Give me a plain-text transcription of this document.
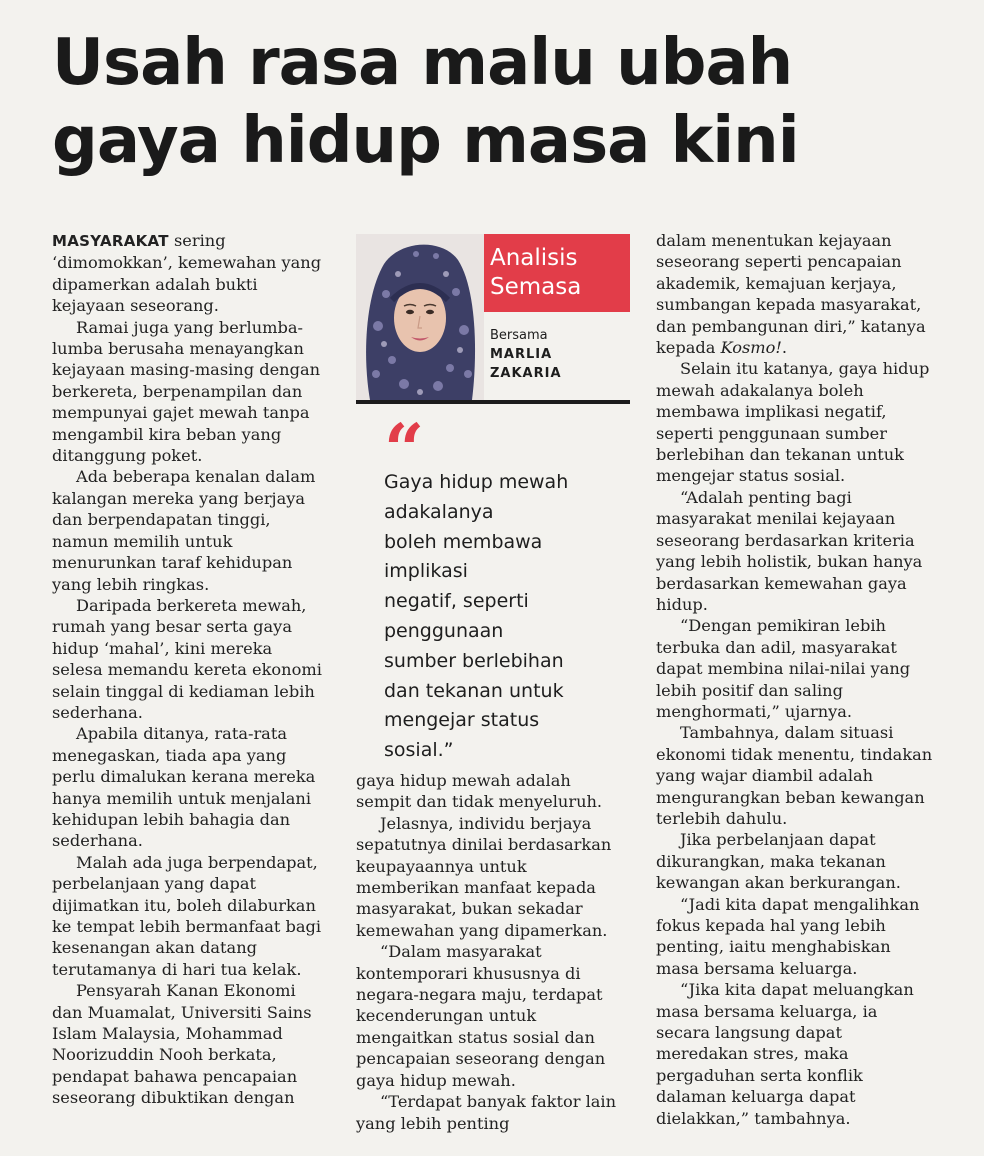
Usah rasa malu ubah
gaya hidup masa kini

MASYARAKAT sering ‘dimomokkan’, kemewahan yang dipamerkan adalah bukti kejayaan seseorang.

Ramai juga yang berlumba-lumba berusaha menayangkan kejayaan masing-masing dengan berkereta, berpenampilan dan mempunyai gajet mewah tanpa mengambil kira beban yang ditanggung poket.

Ada beberapa kenalan dalam kalangan mereka yang berjaya dan berpendapatan tinggi, namun memilih untuk menurunkan taraf kehidupan yang lebih ringkas.

Daripada berkereta mewah, rumah yang besar serta gaya hidup ‘mahal’, kini mereka selesa memandu kereta ekonomi selain tinggal di kediaman lebih sederhana.

Apabila ditanya, rata-rata menegaskan, tiada apa yang perlu dimalukan kerana mereka hanya memilih untuk menjalani kehidupan lebih bahagia dan sederhana.

Malah ada juga berpendapat, perbelanjaan yang dapat dijimatkan itu, boleh dilaburkan ke tempat lebih bermanfaat bagi kesenangan akan datang terutamanya di hari tua kelak.

Pensyarah Kanan Ekonomi dan Muamalat, Universiti Sains Islam Malaysia, Mohammad Noorizuddin Nooh berkata, pendapat bahawa pencapaian seseorang dibuktikan dengan

Analisis
Semasa
Bersama
MARLIA
ZAKARIA
“
Gaya hidup mewah
adakalanya
boleh membawa
implikasi
negatif, seperti
penggunaan
sumber berlebihan
dan tekanan untuk
mengejar status
sosial.”

gaya hidup mewah adalah sempit dan tidak menyeluruh.

Jelasnya, individu berjaya sepatutnya dinilai berdasarkan keupayaannya untuk memberikan manfaat kepada masyarakat, bukan sekadar kemewahan yang dipamerkan.

“Dalam masyarakat kontemporari khususnya di negara-negara maju, terdapat kecenderungan untuk mengaitkan status sosial dan pencapaian seseorang dengan gaya hidup mewah.

“Terdapat banyak faktor lain yang lebih penting

dalam menentukan kejayaan seseorang seperti pencapaian akademik, kemajuan kerjaya, sumbangan kepada masyarakat, dan pembangunan diri,” katanya kepada Kosmo!.

Selain itu katanya, gaya hidup mewah adakalanya boleh membawa implikasi negatif, seperti penggunaan sumber berlebihan dan tekanan untuk mengejar status sosial.

“Adalah penting bagi masyarakat menilai kejayaan seseorang berdasarkan kriteria yang lebih holistik, bukan hanya berdasarkan kemewahan gaya hidup.

“Dengan pemikiran lebih terbuka dan adil, masyarakat dapat membina nilai-nilai yang lebih positif dan saling menghormati,” ujarnya.

Tambahnya, dalam situasi ekonomi tidak menentu, tindakan yang wajar diambil adalah mengurangkan beban kewangan terlebih dahulu.

Jika perbelanjaan dapat dikurangkan, maka tekanan kewangan akan berkurangan.

“Jadi kita dapat mengalihkan fokus kepada hal yang lebih penting, iaitu menghabiskan masa bersama keluarga.

“Jika kita dapat meluangkan masa bersama keluarga, ia secara langsung dapat meredakan stres, maka pergaduhan serta konflik dalaman keluarga dapat dielakkan,” tambahnya.
